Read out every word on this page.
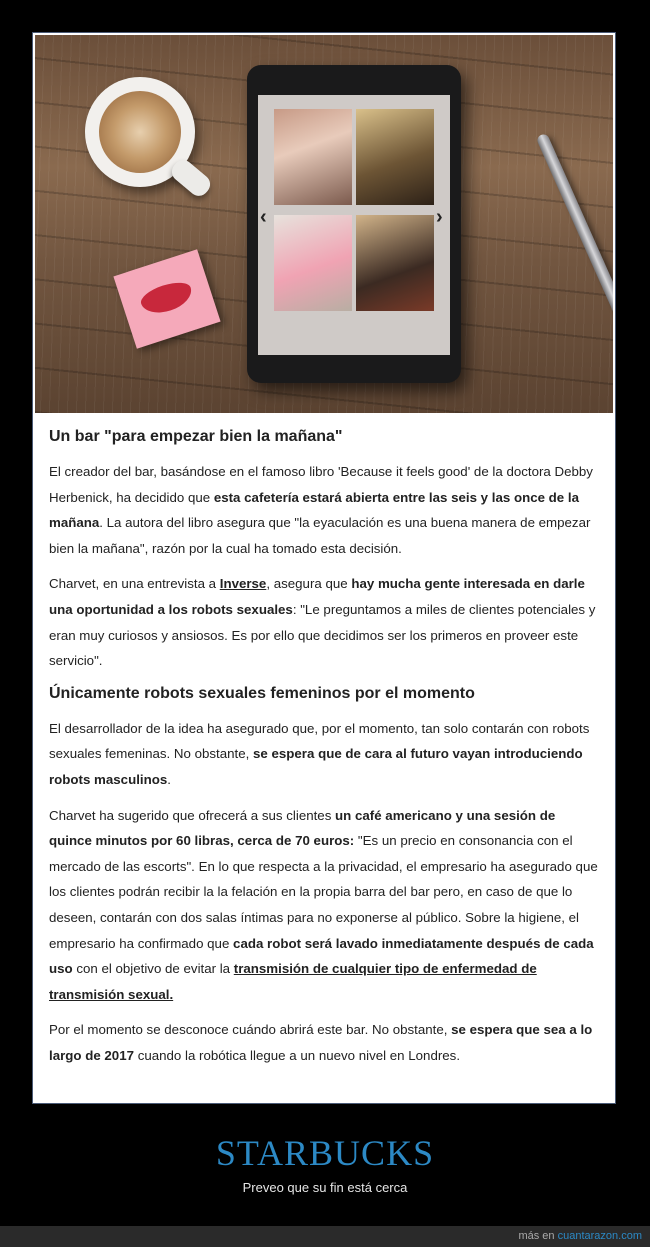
‹	›
Un bar "para empezar bien la mañana"

El creador del bar, basándose en el famoso libro 'Because it feels good' de la doctora Debby Herbenick, ha decidido que esta cafetería estará abierta entre las seis y las once de la mañana. La autora del libro asegura que "la eyaculación es una buena manera de empezar bien la mañana", razón por la cual ha tomado esta decisión.

Charvet, en una entrevista a Inverse, asegura que hay mucha gente interesada en darle una oportunidad a los robots sexuales: "Le preguntamos a miles de clientes potenciales y eran muy curiosos y ansiosos. Es por ello que decidimos ser los primeros en proveer este servicio".

Únicamente robots sexuales femeninos por el momento

El desarrollador de la idea ha asegurado que, por el momento, tan solo contarán con robots sexuales femeninas. No obstante, se espera que de cara al futuro vayan introduciendo robots masculinos.

Charvet ha sugerido que ofrecerá a sus clientes un café americano y una sesión de quince minutos por 60 libras, cerca de 70 euros: "Es un precio en consonancia con el mercado de las escorts". En lo que respecta a la privacidad, el empresario ha asegurado que los clientes podrán recibir la la felación en la propia barra del bar pero, en caso de que lo deseen, contarán con dos salas íntimas para no exponerse al público. Sobre la higiene, el empresario ha confirmado que cada robot será lavado inmediatamente después de cada uso con el objetivo de evitar la transmisión de cualquier tipo de enfermedad de transmisión sexual.

Por el momento se desconoce cuándo abrirá este bar. No obstante, se espera que sea a lo largo de 2017 cuando la robótica llegue a un nuevo nivel en Londres.

STARBUCKS
Preveo que su fin está cerca
más en cuantarazon.com
